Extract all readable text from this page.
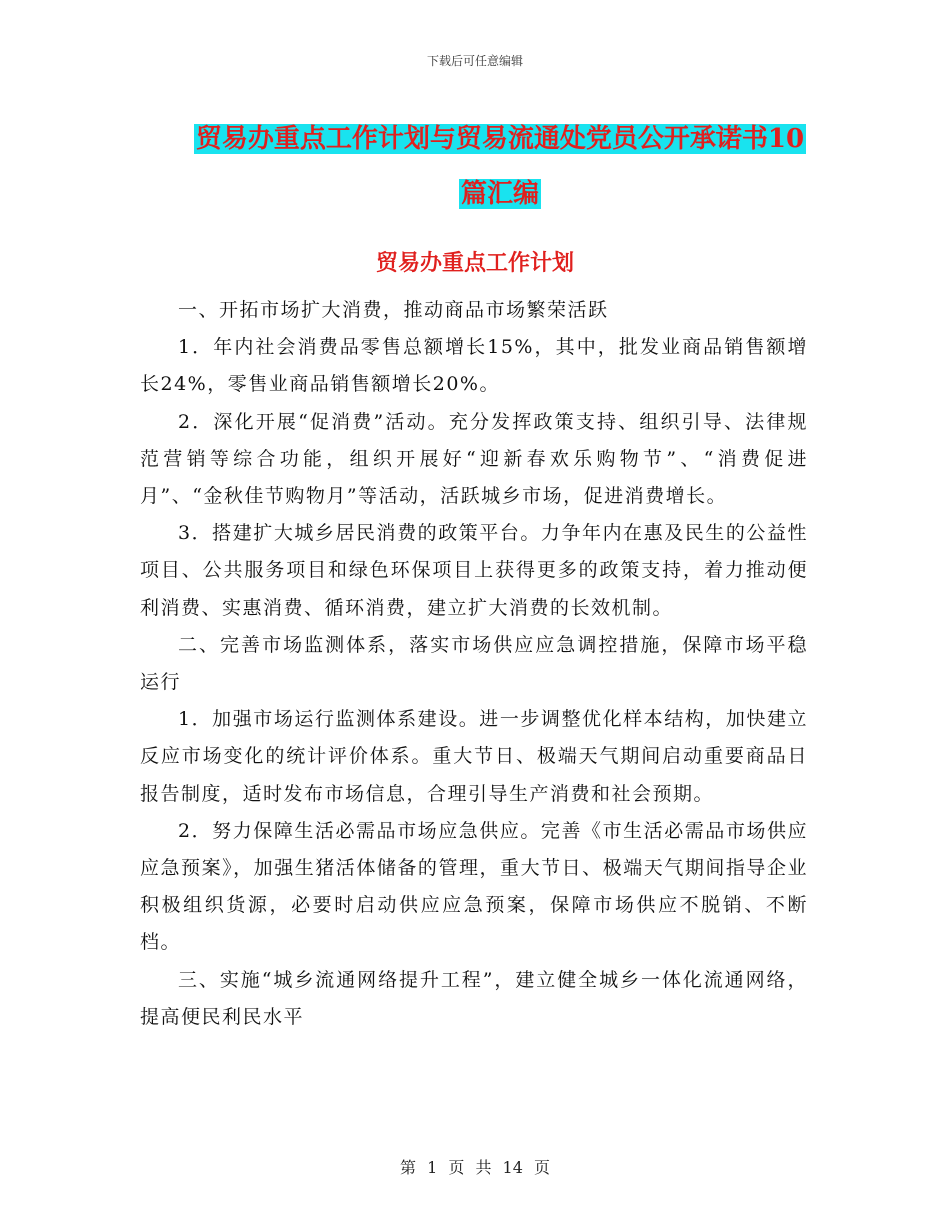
下载后可任意编辑
贸易办重点工作计划与贸易流通处党员公开承诺书10
篇汇编
贸易办重点工作计划

一、开拓市场扩大消费，推动商品市场繁荣活跃

1．年内社会消费品零售总额增长15%，其中，批发业商品销售额增长24%，零售业商品销售额增长20%。

2．深化开展“促消费”活动。充分发挥政策支持、组织引导、法律规范营销等综合功能，组织开展好“迎新春欢乐购物节”、“消费促进月”、“金秋佳节购物月”等活动，活跃城乡市场，促进消费增长。

3．搭建扩大城乡居民消费的政策平台。力争年内在惠及民生的公益性项目、公共服务项目和绿色环保项目上获得更多的政策支持，着力推动便利消费、实惠消费、循环消费，建立扩大消费的长效机制。

二、完善市场监测体系，落实市场供应应急调控措施，保障市场平稳运行

1．加强市场运行监测体系建设。进一步调整优化样本结构，加快建立反应市场变化的统计评价体系。重大节日、极端天气期间启动重要商品日报告制度，适时发布市场信息，合理引导生产消费和社会预期。

2．努力保障生活必需品市场应急供应。完善《市生活必需品市场供应应急预案》，加强生猪活体储备的管理，重大节日、极端天气期间指导企业积极组织货源，必要时启动供应应急预案，保障市场供应不脱销、不断档。

三、实施“城乡流通网络提升工程”，建立健全城乡一体化流通网络，提高便民利民水平

第 1 页 共 14 页
